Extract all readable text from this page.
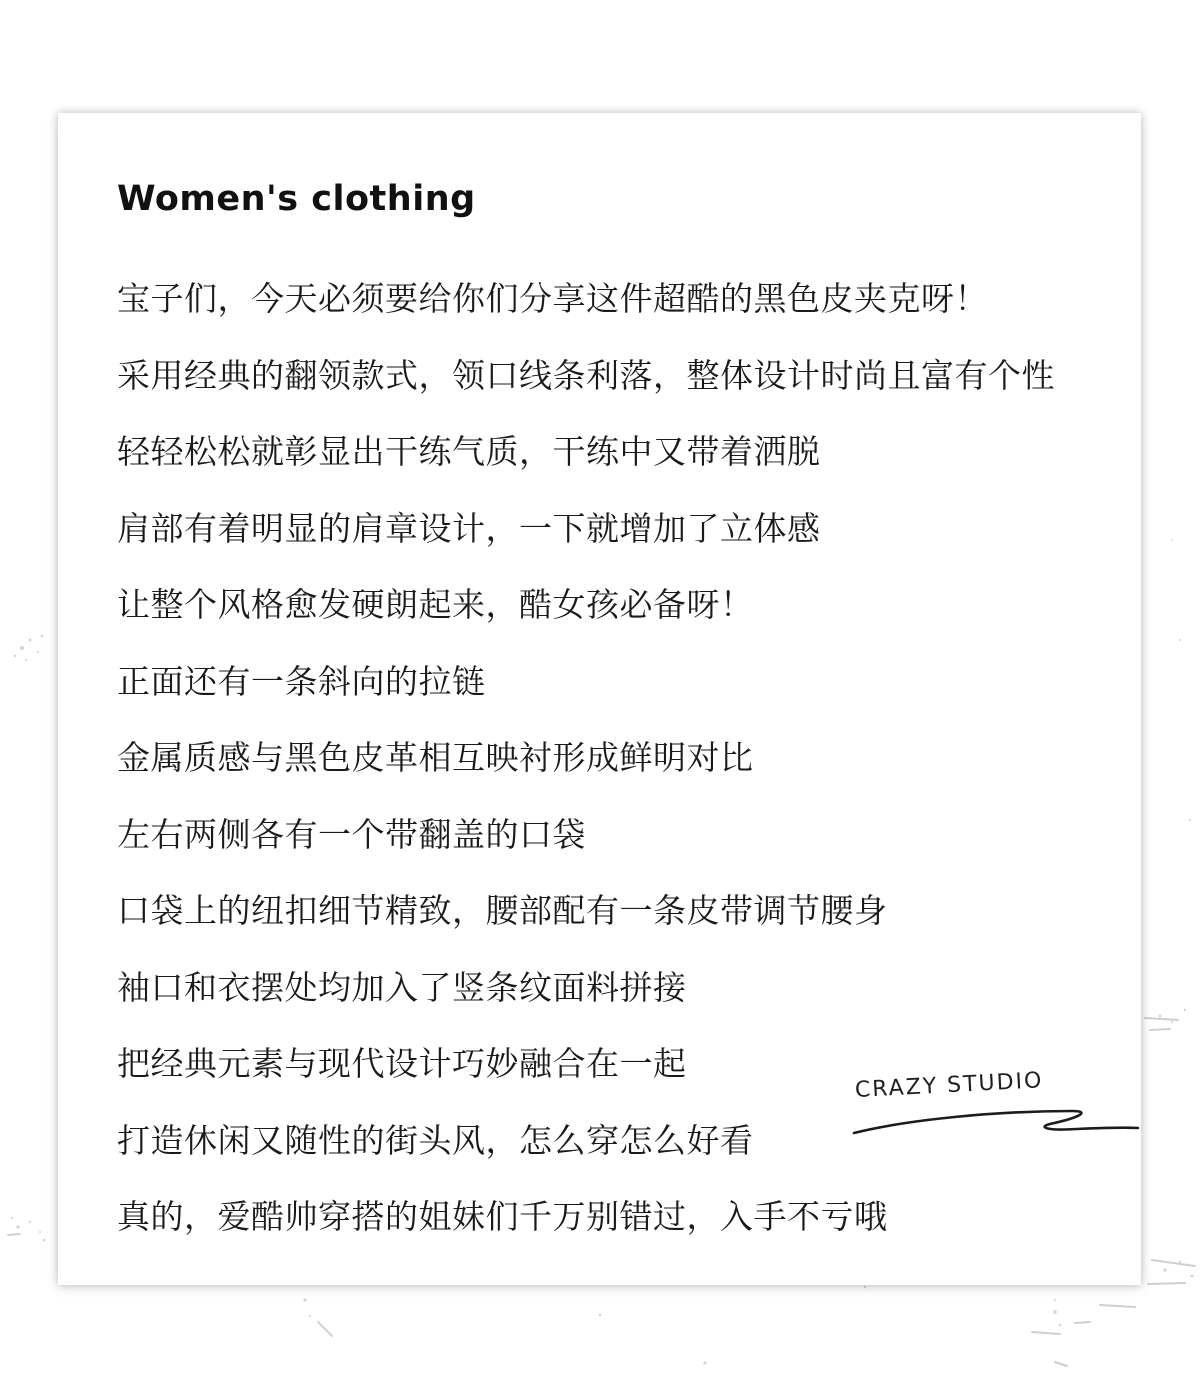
Women's clothing
宝子们，今天必须要给你们分享这件超酷的黑色皮夹克呀！
采用经典的翻领款式，领口线条利落，整体设计时尚且富有个性
轻轻松松就彰显出干练气质，干练中又带着洒脱
肩部有着明显的肩章设计，一下就增加了立体感
让整个风格愈发硬朗起来，酷女孩必备呀！
正面还有一条斜向的拉链
金属质感与黑色皮革相互映衬形成鲜明对比
左右两侧各有一个带翻盖的口袋
口袋上的纽扣细节精致，腰部配有一条皮带调节腰身
袖口和衣摆处均加入了竖条纹面料拼接
把经典元素与现代设计巧妙融合在一起
打造休闲又随性的街头风，怎么穿怎么好看
真的，爱酷帅穿搭的姐妹们千万别错过，入手不亏哦
CRAZY STUDIO
